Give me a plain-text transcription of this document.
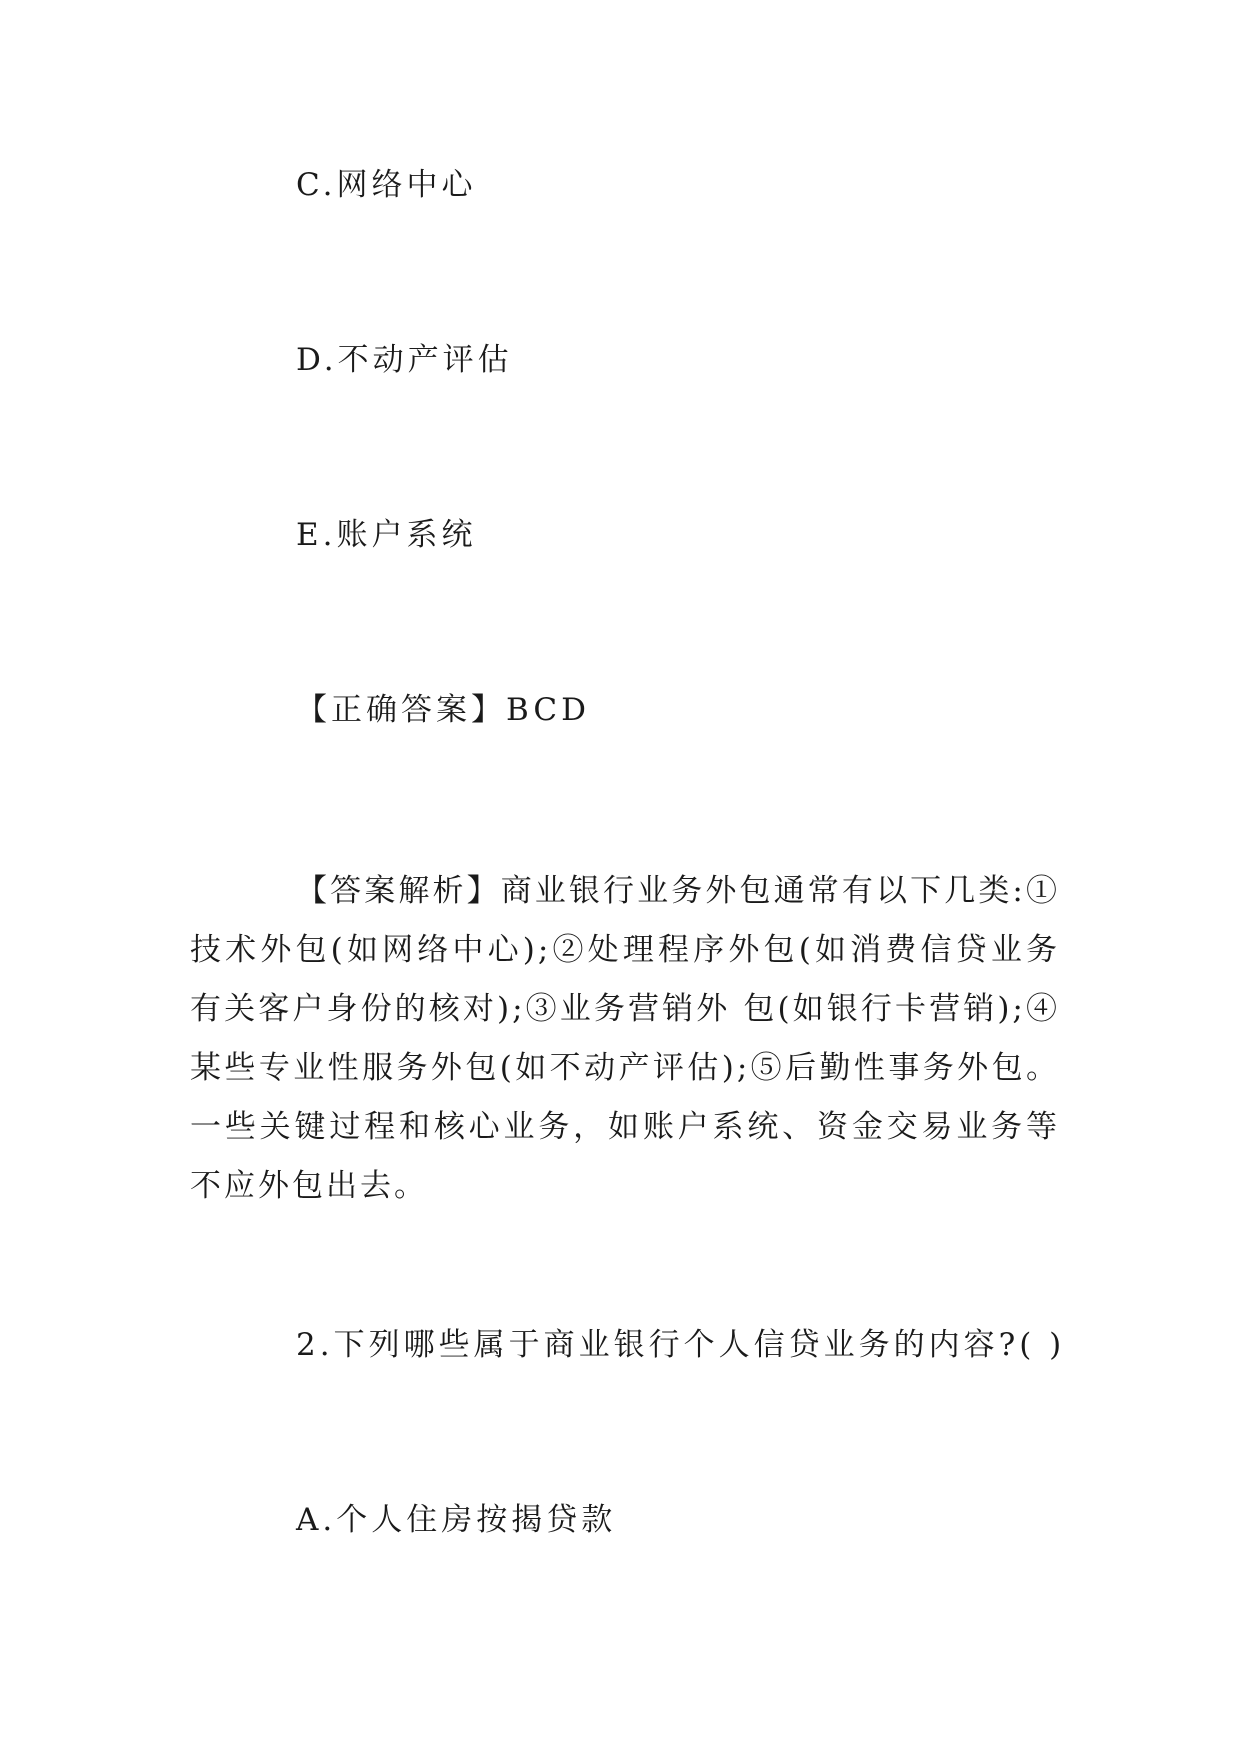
C.网络中心
D.不动产评估
E.账户系统
【正确答案】BCD
【答案解析】商业银行业务外包通常有以下几类:①技术外包(如网络中心);②处理程序外包(如消费信贷业务有关客户身份的核对);③业务营销外 包(如银行卡营销);④某些专业性服务外包(如不动产评估);⑤后勤性事务外包。一些关键过程和核心业务，如账户系统、资金交易业务等不应外包出去。
2.下列哪些属于商业银行个人信贷业务的内容?( )
A.个人住房按揭贷款
